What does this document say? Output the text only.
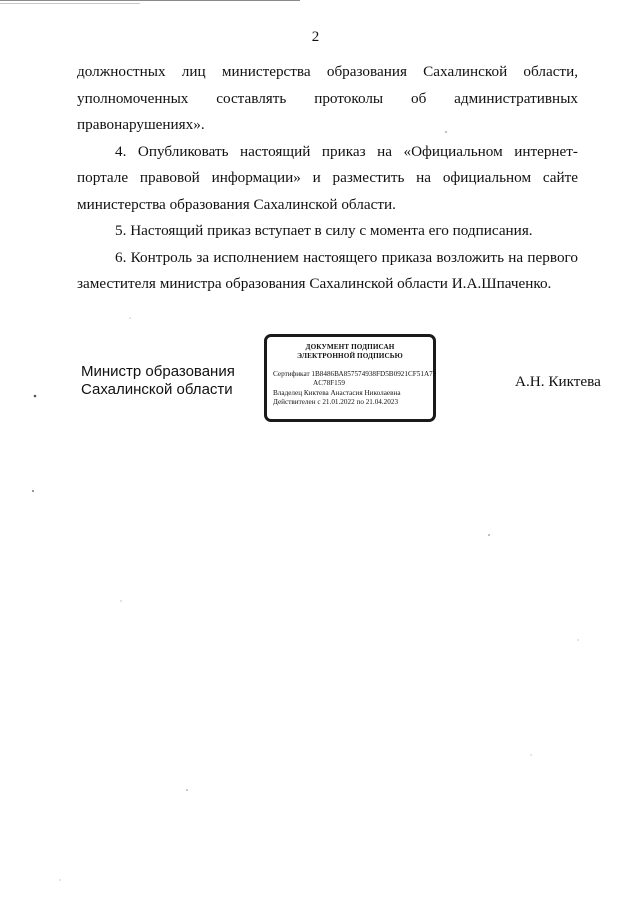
2

должностных лиц министерства образования Сахалинской области,

уполномоченных составлять протоколы об административных

правонарушениях».

4. Опубликовать настоящий приказ на «Официальном интернет-портале правовой информации» и разместить на официальном сайте министерства образования Сахалинской области.

5. Настоящий приказ вступает в силу с момента его подписания.

6. Контроль за исполнением настоящего приказа возложить на первого заместителя министра образования Сахалинской области И.А.Шпаченко.

Министр образования
Сахалинской области
ДОКУМЕНТ ПОДПИСАН
ЭЛЕКТРОННОЙ ПОДПИСЬЮ
Сертификат 1В8486ВА857574938FD5В0921СF51А70
AC78F159
Владелец Киктева Анастасия Николаевна
Действителен с 21.01.2022 по 21.04.2023
А.Н. Киктева
